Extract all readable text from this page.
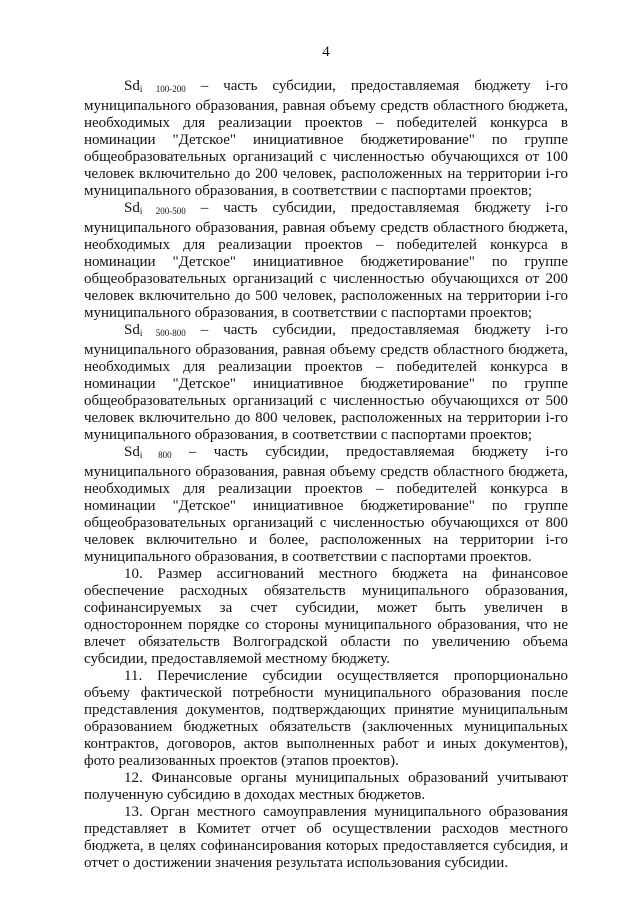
4

$Sd_{i 100-200}$ – часть субсидии, предоставляемая бюджету i-го муниципального образования, равная объему средств областного бюджета, необходимых для реализации проектов – победителей конкурса в номинации "Детское" инициативное бюджетирование" по группе общеобразовательных организаций с численностью обучающихся от 100 человек включительно до 200 человек, расположенных на территории i-го муниципального образования, в соответствии с паспортами проектов;

$Sd_{i 200-500}$ – часть субсидии, предоставляемая бюджету i-го муниципального образования, равная объему средств областного бюджета, необходимых для реализации проектов – победителей конкурса в номинации "Детское" инициативное бюджетирование" по группе общеобразовательных организаций с численностью обучающихся от 200 человек включительно до 500 человек, расположенных на территории i-го муниципального образования, в соответствии с паспортами проектов;

$Sd_{i 500-800}$ – часть субсидии, предоставляемая бюджету i-го муниципального образования, равная объему средств областного бюджета, необходимых для реализации проектов – победителей конкурса в номинации "Детское" инициативное бюджетирование" по группе общеобразовательных организаций с численностью обучающихся от 500 человек включительно до 800 человек, расположенных на территории i-го муниципального образования, в соответствии с паспортами проектов;

$Sd_{i 800}$ – часть субсидии, предоставляемая бюджету i-го муниципального образования, равная объему средств областного бюджета, необходимых для реализации проектов – победителей конкурса в номинации "Детское" инициативное бюджетирование" по группе общеобразовательных организаций с численностью обучающихся от 800 человек включительно и более, расположенных на территории i-го муниципального образования, в соответствии с паспортами проектов.

10. Размер ассигнований местного бюджета на финансовое обеспечение расходных обязательств муниципального образования, софинансируемых за счет субсидии, может быть увеличен в одностороннем порядке со стороны муниципального образования, что не влечет обязательств Волгоградской области по увеличению объема субсидии, предоставляемой местному бюджету.

11. Перечисление субсидии осуществляется пропорционально объему фактической потребности муниципального образования после представления документов, подтверждающих принятие муниципальным образованием бюджетных обязательств (заключенных муниципальных контрактов, договоров, актов выполненных работ и иных документов), фото реализованных проектов (этапов проектов).

12. Финансовые органы муниципальных образований учитывают полученную субсидию в доходах местных бюджетов.

13. Орган местного самоуправления муниципального образования представляет в Комитет отчет об осуществлении расходов местного бюджета, в целях софинансирования которых предоставляется субсидия, и отчет о достижении значения результата использования субсидии.
